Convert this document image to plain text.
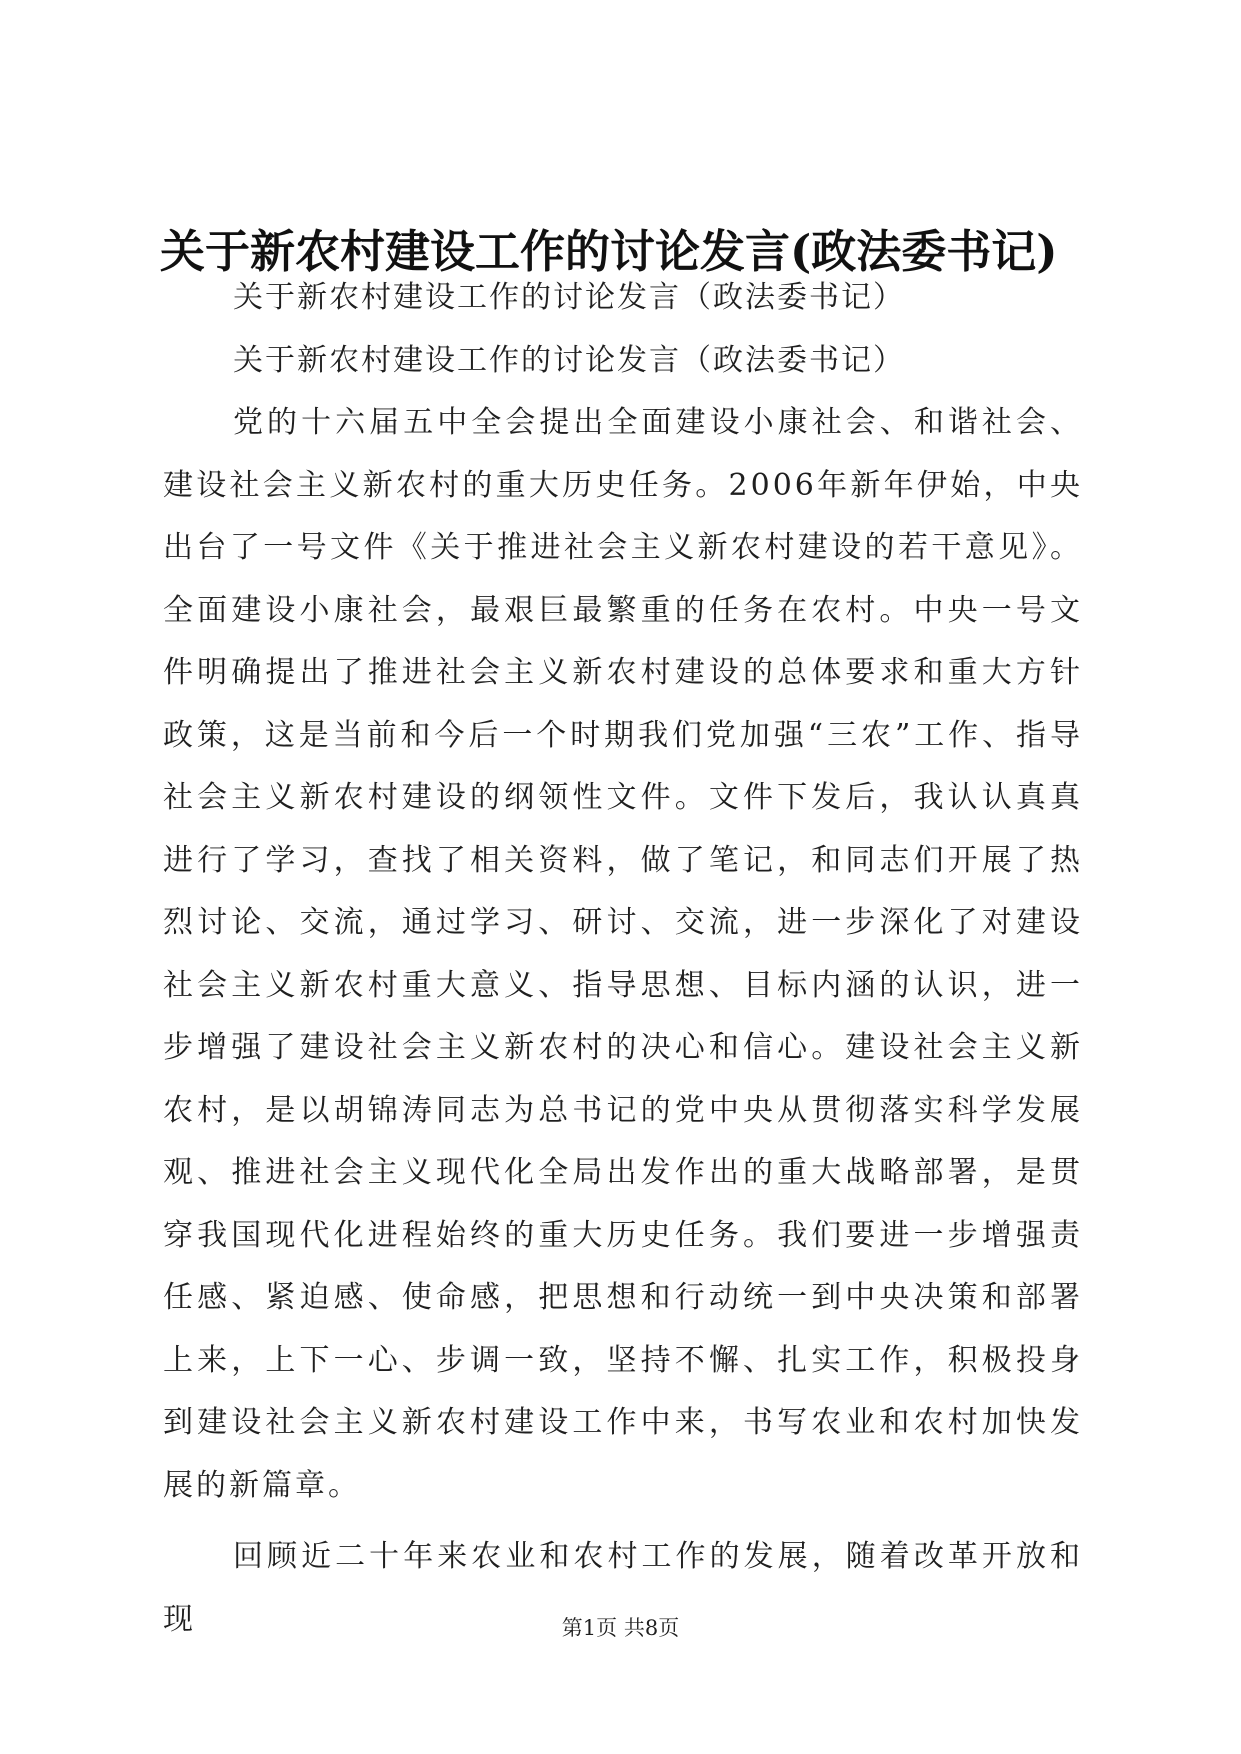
关于新农村建设工作的讨论发言(政法委书记)

关于新农村建设工作的讨论发言（政法委书记）

关于新农村建设工作的讨论发言（政法委书记）

党的十六届五中全会提出全面建设小康社会、和谐社会、建设社会主义新农村的重大历史任务。2006年新年伊始，中央出台了一号文件《关于推进社会主义新农村建设的若干意见》。全面建设小康社会，最艰巨最繁重的任务在农村。中央一号文件明确提出了推进社会主义新农村建设的总体要求和重大方针政策，这是当前和今后一个时期我们党加强“三农”工作、指导社会主义新农村建设的纲领性文件。文件下发后，我认认真真进行了学习，查找了相关资料，做了笔记，和同志们开展了热烈讨论、交流，通过学习、研讨、交流，进一步深化了对建设社会主义新农村重大意义、指导思想、目标内涵的认识，进一步增强了建设社会主义新农村的决心和信心。建设社会主义新农村，是以胡锦涛同志为总书记的党中央从贯彻落实科学发展观、推进社会主义现代化全局出发作出的重大战略部署，是贯穿我国现代化进程始终的重大历史任务。我们要进一步增强责任感、紧迫感、使命感，把思想和行动统一到中央决策和部署上来，上下一心、步调一致，坚持不懈、扎实工作，积极投身到建设社会主义新农村建设工作中来，书写农业和农村加快发展的新篇章。

回顾近二十年来农业和农村工作的发展，随着改革开放和现	第1页 共8页
